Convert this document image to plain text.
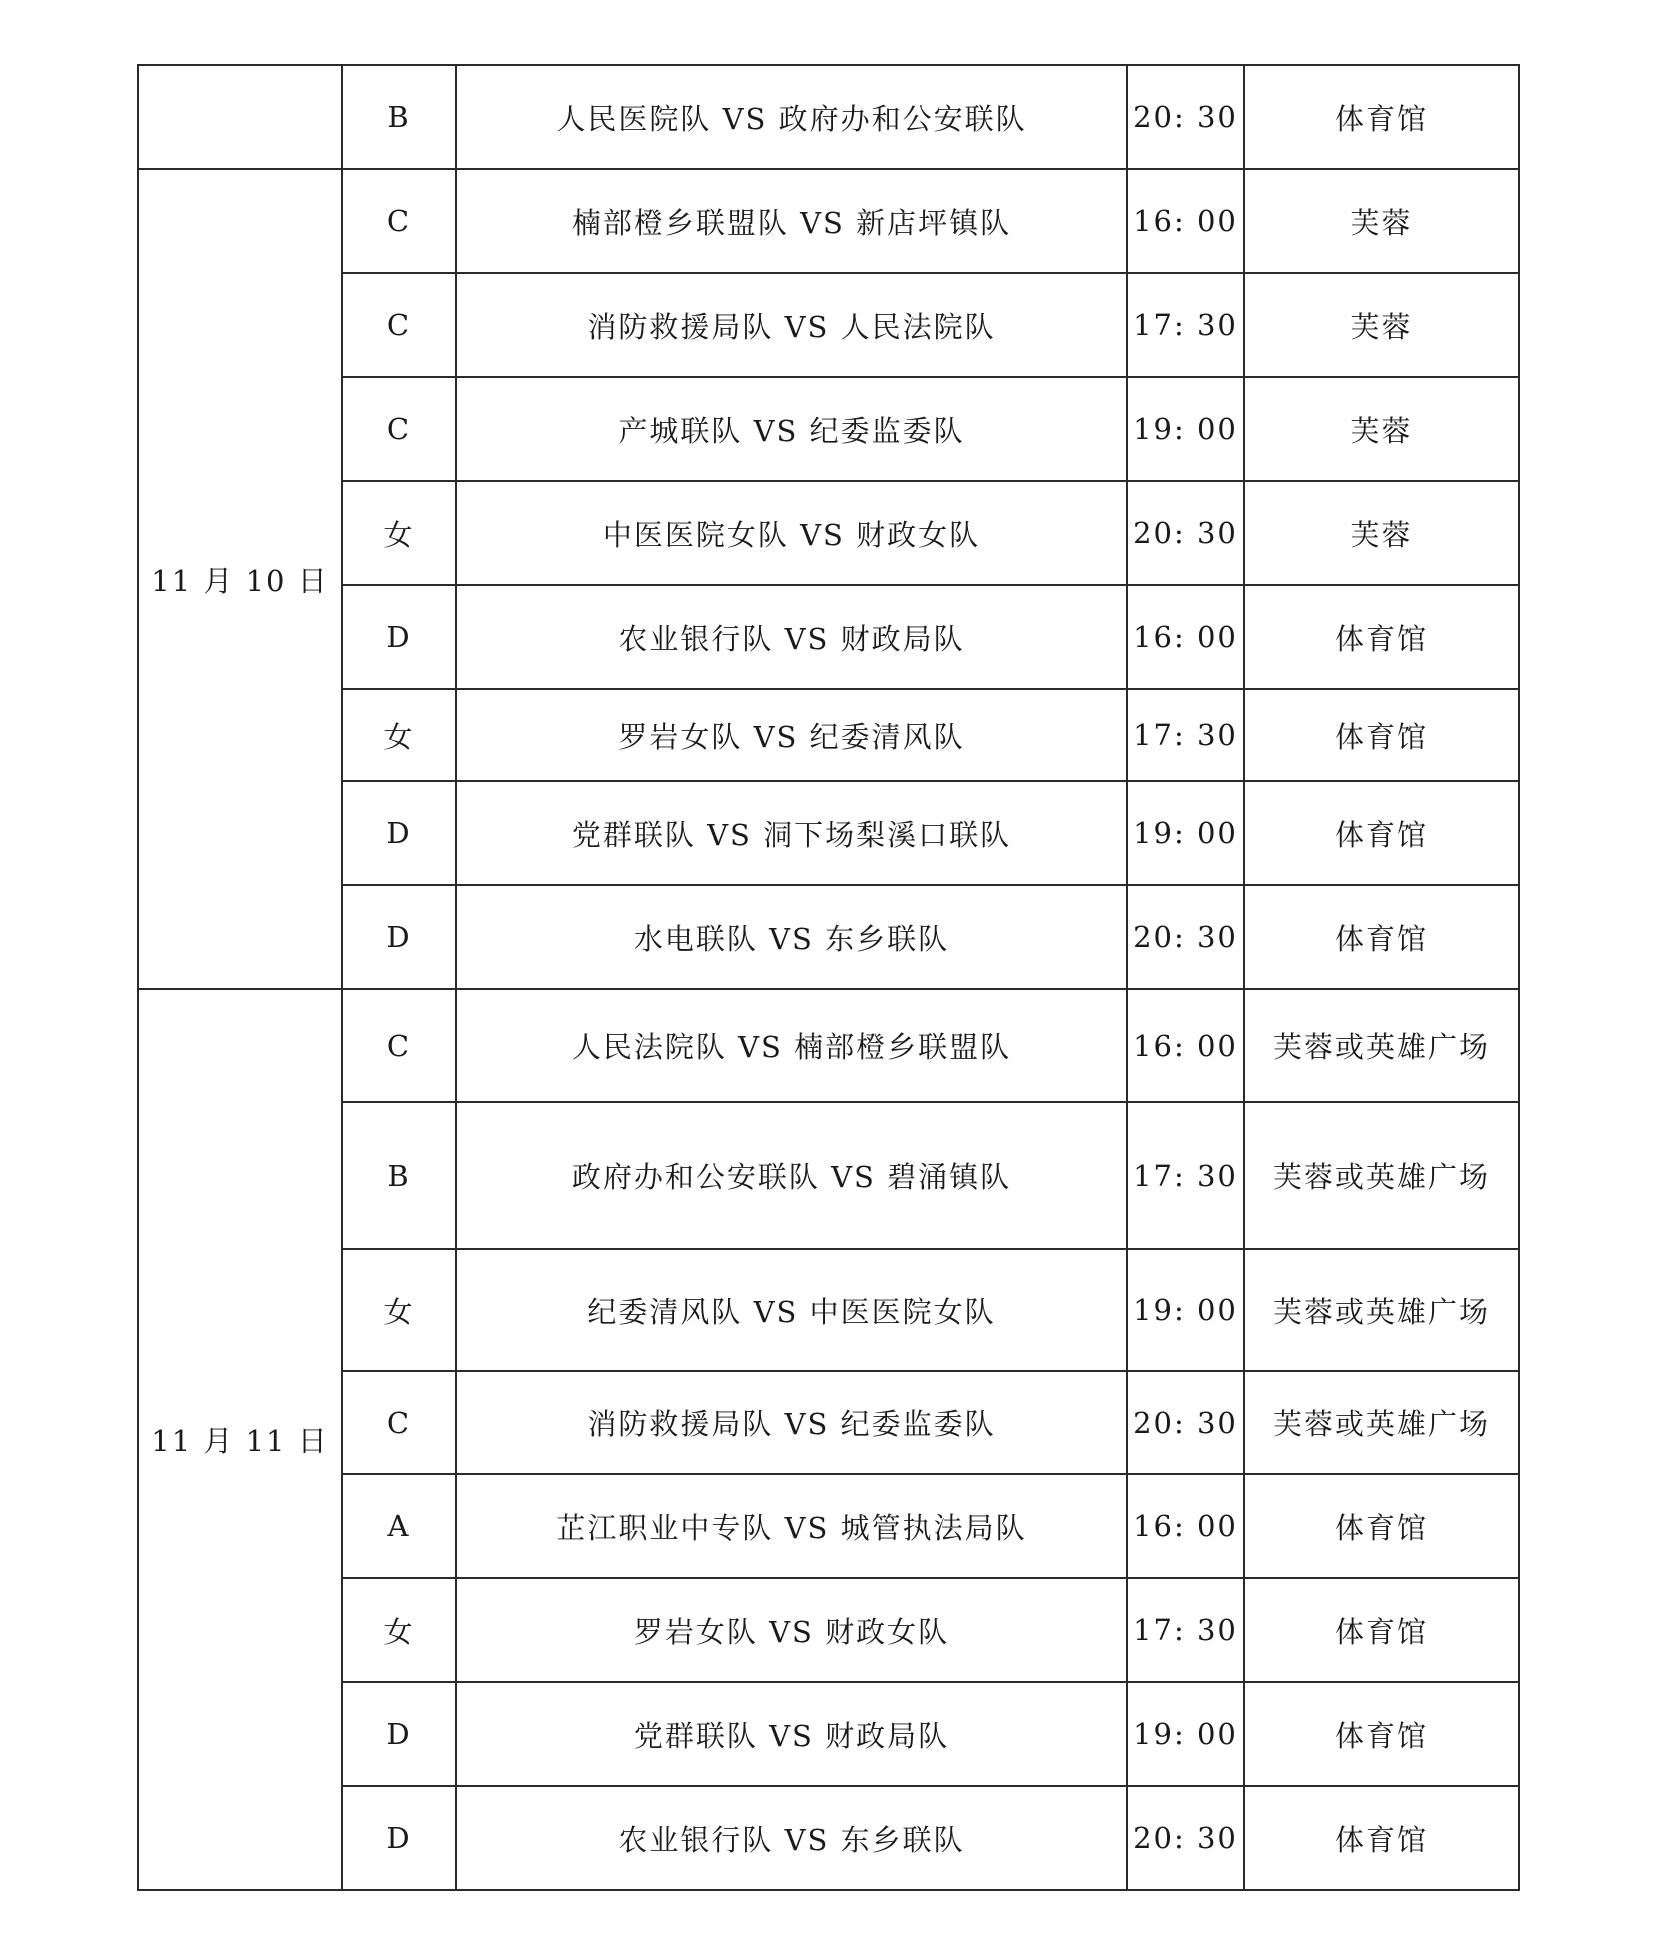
	B	人民医院队 VS 政府办和公安联队	20: 30	体育馆
11 月 10 日	C	楠部橙乡联盟队 VS 新店坪镇队	16: 00	芙蓉
	C	消防救援局队 VS 人民法院队	17: 30	芙蓉
	C	产城联队 VS 纪委监委队	19: 00	芙蓉
	女	中医医院女队 VS 财政女队	20: 30	芙蓉
	D	农业银行队 VS 财政局队	16: 00	体育馆
	女	罗岩女队 VS 纪委清风队	17: 30	体育馆
	D	党群联队 VS 洞下场梨溪口联队	19: 00	体育馆
	D	水电联队 VS 东乡联队	20: 30	体育馆
11 月 11 日	C	人民法院队 VS 楠部橙乡联盟队	16: 00	芙蓉或英雄广场
	B	政府办和公安联队 VS 碧涌镇队	17: 30	芙蓉或英雄广场
	女	纪委清风队 VS 中医医院女队	19: 00	芙蓉或英雄广场
	C	消防救援局队 VS 纪委监委队	20: 30	芙蓉或英雄广场
	A	芷江职业中专队 VS 城管执法局队	16: 00	体育馆
	女	罗岩女队 VS 财政女队	17: 30	体育馆
	D	党群联队 VS 财政局队	19: 00	体育馆
	D	农业银行队 VS 东乡联队	20: 30	体育馆
